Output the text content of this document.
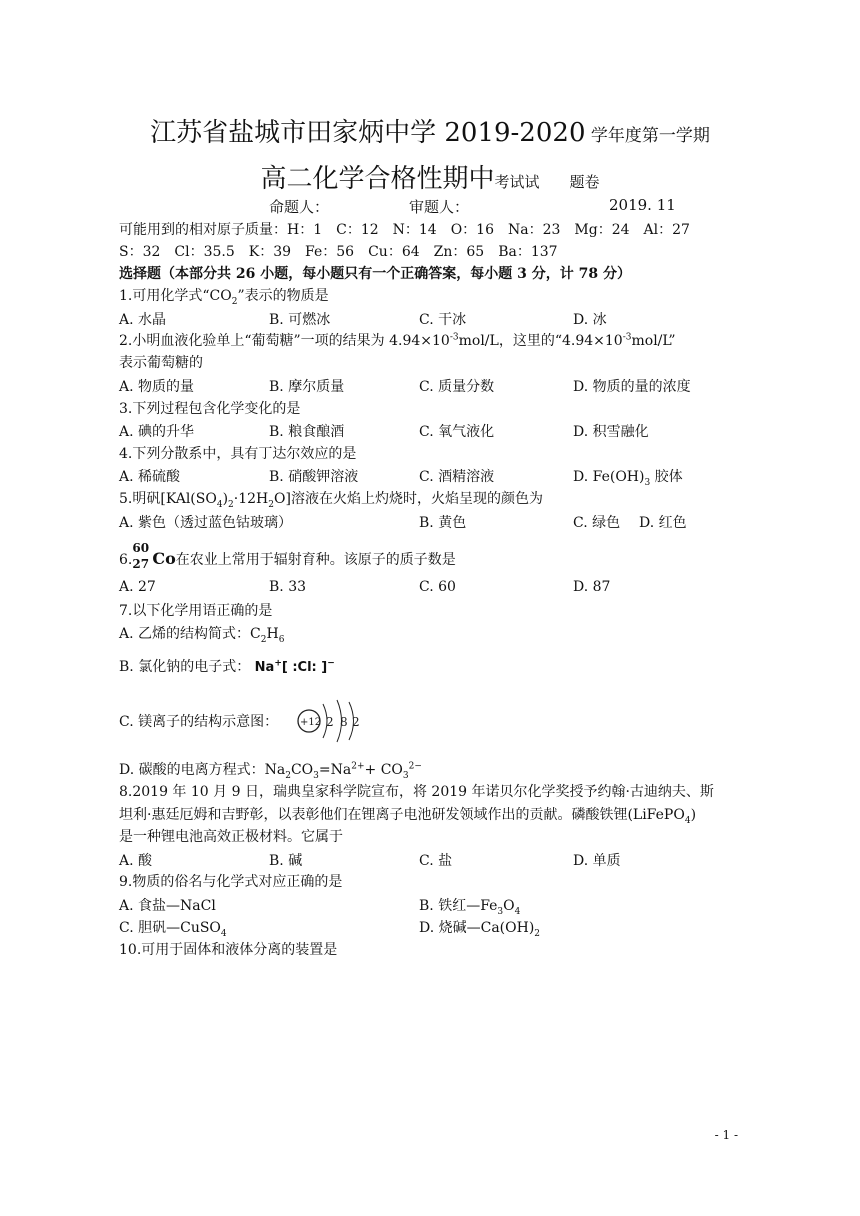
江苏省盐城市田家炳中学 2019-2020 学年度第一学期
高二化学合格性期中考试试　　题卷
命题人：	审题人：	2019. 11
可能用到的相对原子质量：H：1　C：12　N：14　O：16　Na：23　Mg：24　Al：27
S：32　Cl：35.5　K：39　Fe：56　Cu：64　Zn：65　Ba：137
选择题（本部分共 26 小题，每小题只有一个正确答案，每小题 3 分，计 78 分）
1.可用化学式“$CO_2$”表示的物质是
A. 水晶	B. 可燃冰	C. 干冰	D. 冰
2.小明血液化验单上“葡萄糖”一项的结果为 $4.94\times 10^{-3}mol/L$，这里的“$4.94\times 10^{-3}mol/L$”
表示葡萄糖的
A. 物质的量	B. 摩尔质量	C. 质量分数	D. 物质的量的浓度
3.下列过程包含化学变化的是
A. 碘的升华	B. 粮食酿酒	C. 氧气液化	D. 积雪融化
4.下列分散系中，具有丁达尔效应的是
A. 稀硫酸	B. 硝酸钾溶液	C. 酒精溶液	D. $Fe(OH)_3$ 胶体
5.明矾$[KAl(SO_4)_2\cdot 12H_2O]$溶液在火焰上灼烧时，火焰呈现的颜色为
A. 紫色（透过蓝色钴玻璃）	B. 黄色	C. 绿色 D. 红色
6.
60
27 Co在农业上常用于辐射育种。该原子的质子数是
A. 27	B. 33	C. 60	D. 87
7.以下化学用语正确的是
A. 乙烯的结构简式：$C_2H_6$
B. 氯化钠的电子式： Na+[ :Cl: ]−
C. 镁离子的结构示意图： +12 2 8 2
D. 碳酸的电离方程式：$Na_2CO_3=Na^{2+}+ CO_3^{2-}$
8.2019 年 10 月 9 日，瑞典皇家科学院宣布，将 2019 年诺贝尔化学奖授予约翰·古迪纳夫、斯
坦利·惠廷厄姆和吉野彰，以表彰他们在锂离子电池研发领域作出的贡献。磷酸铁锂(LiFePO$_4$)
是一种锂电池高效正极材料。它属于
A. 酸	B. 碱	C. 盐	D. 单质
9.物质的俗名与化学式对应正确的是
A. 食盐—NaCl	B. 铁红$—Fe_3O_4$
C. 胆矾—CuSO$_4$	D. 烧碱$—Ca(OH)_2$
10.可用于固体和液体分离的装置是
- 1 -
